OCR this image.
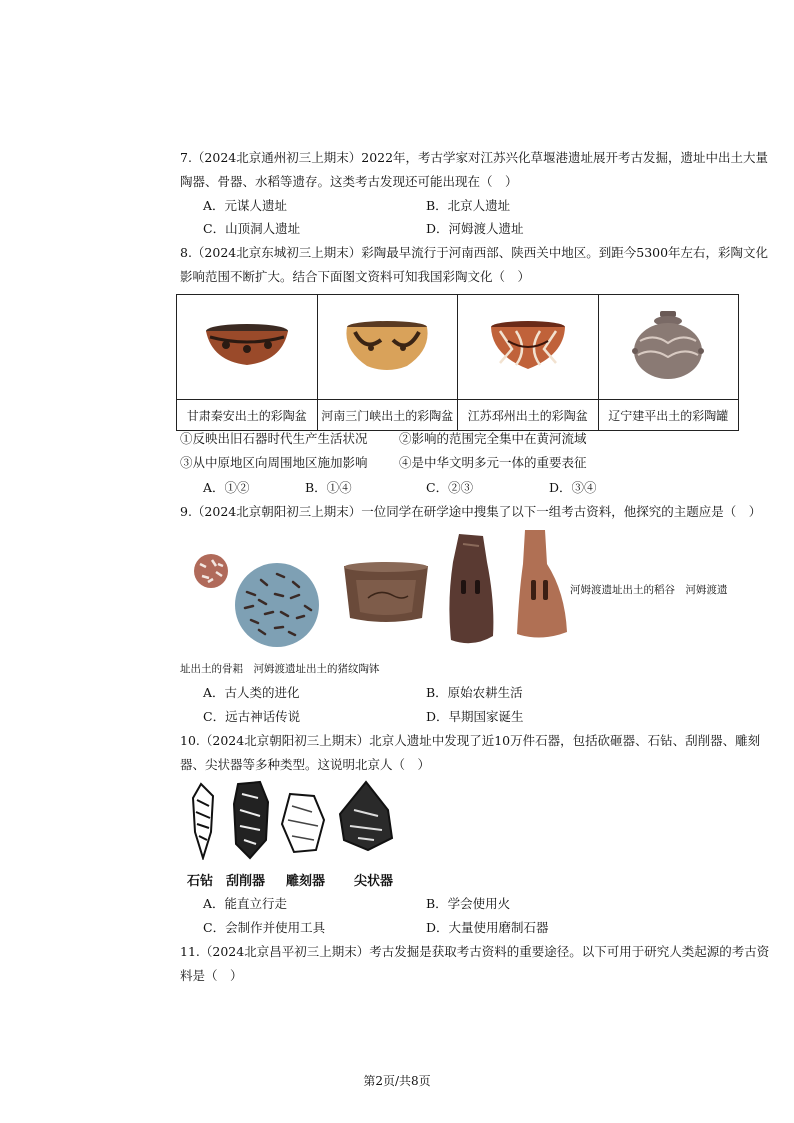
7.（2024北京通州初三上期末）2022年，考古学家对江苏兴化草堰港遗址展开考古发掘，遗址中出土大量
陶器、骨器、水稻等遗存。这类考古发现还可能出现在（　）
A．元谋人遗址	B．北京人遗址
C．山顶洞人遗址	D．河姆渡人遗址
8.（2024北京东城初三上期末）彩陶最早流行于河南西部、陕西关中地区。到距今5300年左右，彩陶文化
影响范围不断扩大。结合下面图文资料可知我国彩陶文化（　）

甘肃秦安出土的彩陶盆	河南三门峡出土的彩陶盆	江苏邳州出土的彩陶盆	辽宁建平出土的彩陶罐
①反映出旧石器时代生产生活状况	②影响的范围完全集中在黄河流域
③从中原地区向周围地区施加影响	④是中华文明多元一体的重要表征
A．①②	B．①④	C．②③	D．③④
9.（2024北京朝阳初三上期末）一位同学在研学途中搜集了以下一组考古资料，他探究的主题应是（　）
河姆渡遗址出土的稻谷　河姆渡遗
址出土的骨耜　河姆渡遗址出土的猪纹陶钵
A．古人类的进化	B．原始农耕生活
C．远古神话传说	D．早期国家诞生
10.（2024北京朝阳初三上期末）北京人遗址中发现了近10万件石器，包括砍砸器、石钻、刮削器、雕刻
器、尖状器等多种类型。这说明北京人（　）
石钻 刮削器 雕刻器 尖状器
A．能直立行走	B．学会使用火
C．会制作并使用工具	D．大量使用磨制石器
11.（2024北京昌平初三上期末）考古发掘是获取考古资料的重要途径。以下可用于研究人类起源的考古资
料是（　）
第2页/共8页
